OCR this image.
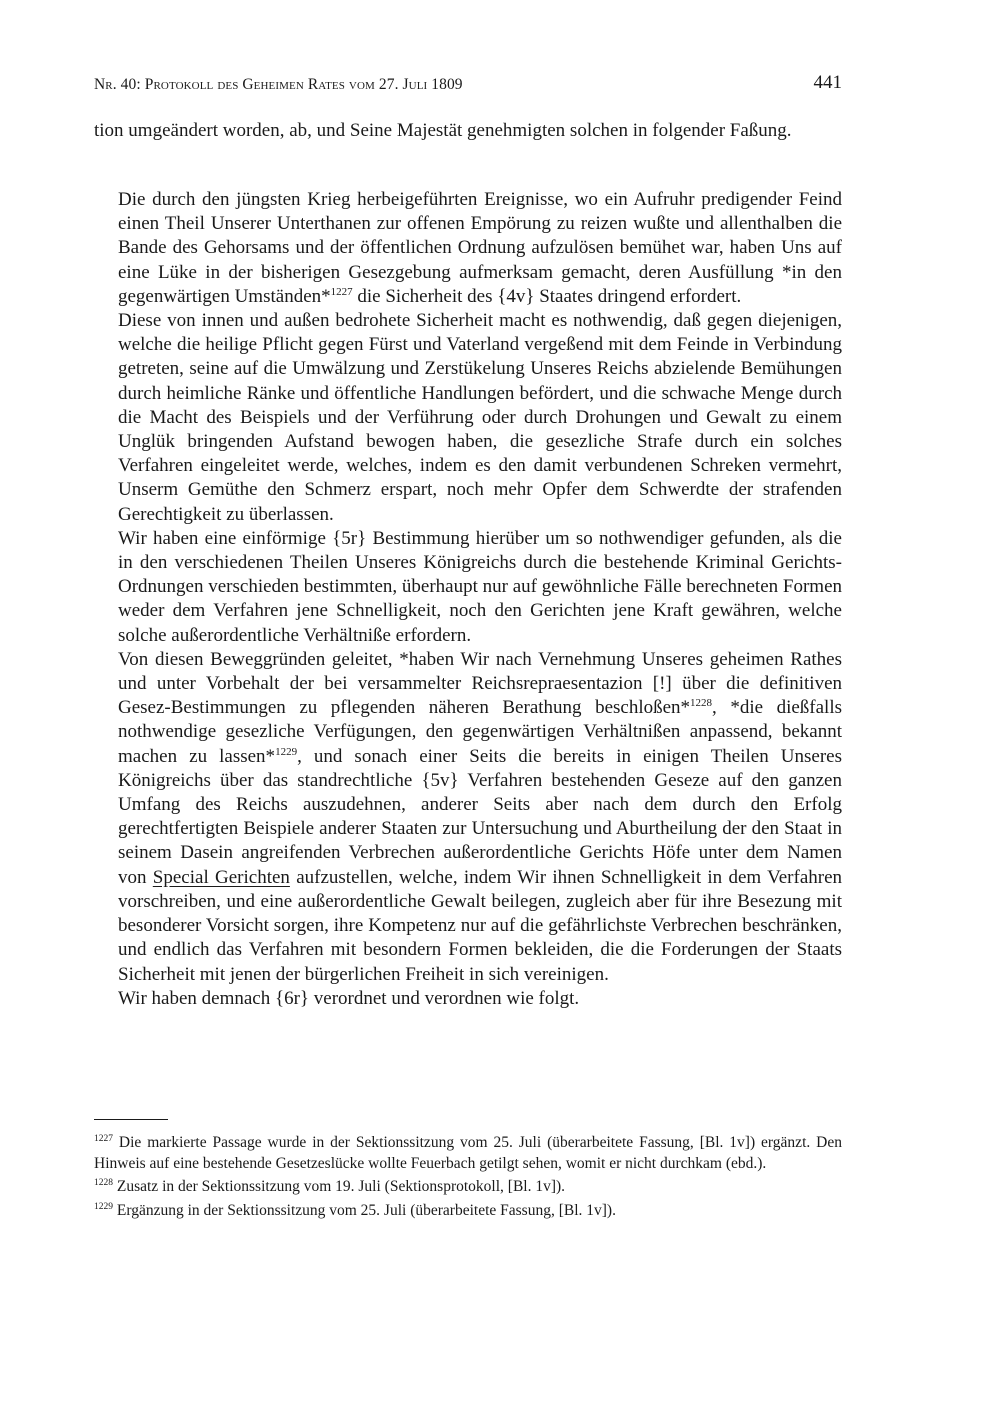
Nr. 40: Protokoll des Geheimen Rates vom 27. Juli 1809	441
tion umgeändert worden, ab, und Seine Majestät genehmigten solchen in folgender Faßung.

Die durch den jüngsten Krieg herbeigeführten Ereignisse, wo ein Aufruhr predigender Feind einen Theil Unserer Unterthanen zur offenen Empörung zu reizen wußte und allenthalben die Bande des Gehorsams und der öffentlichen Ordnung aufzulösen bemühet war, haben Uns auf eine Lüke in der bisherigen Gesezgebung aufmerksam gemacht, deren Ausfüllung *in den gegenwärtigen Umständen*$^{1227}$ die Sicherheit des {4v} Staates dringend erfordert.

Diese von innen und außen bedrohete Sicherheit macht es nothwendig, daß gegen diejenigen, welche die heilige Pflicht gegen Fürst und Vaterland vergeßend mit dem Feinde in Verbindung getreten, seine auf die Umwälzung und Zerstükelung Unseres Reichs abzielende Bemühungen durch heimliche Ränke und öffentliche Handlungen befördert, und die schwache Menge durch die Macht des Beispiels und der Verführung oder durch Drohungen und Gewalt zu einem Unglük bringenden Aufstand bewogen haben, die gesezliche Strafe durch ein solches Verfahren eingeleitet werde, welches, indem es den damit verbundenen Schreken vermehrt, Unserm Gemüthe den Schmerz erspart, noch mehr Opfer dem Schwerdte der strafenden Gerechtigkeit zu überlassen.

Wir haben eine einförmige {5r} Bestimmung hierüber um so nothwendiger gefunden, als die in den verschiedenen Theilen Unseres Königreichs durch die bestehende Kriminal Gerichts-Ordnungen verschieden bestimmten, überhaupt nur auf gewöhnliche Fälle berechneten Formen weder dem Verfahren jene Schnelligkeit, noch den Gerichten jene Kraft gewähren, welche solche außerordentliche Verhältniße erfordern.

Von diesen Beweggründen geleitet, *haben Wir nach Vernehmung Unseres geheimen Rathes und unter Vorbehalt der bei versammelter Reichsrepraesentazion [!] über die definitiven Gesez-Bestimmungen zu pflegenden näheren Berathung beschloßen*$^{1228}$, *die dießfalls nothwendige gesezliche Verfügungen, den gegenwärtigen Verhältnißen anpassend, bekannt machen zu lassen*$^{1229}$, und sonach einer Seits die bereits in einigen Theilen Unseres Königreichs über das standrechtliche {5v} Verfahren bestehenden Geseze auf den ganzen Umfang des Reichs auszudehnen, anderer Seits aber nach dem durch den Erfolg gerechtfertigten Beispiele anderer Staaten zur Untersuchung und Aburtheilung der den Staat in seinem Dasein angreifenden Verbrechen außerordentliche Gerichts Höfe unter dem Namen von Special Gerichten aufzustellen, welche, indem Wir ihnen Schnelligkeit in dem Verfahren vorschreiben, und eine außerordentliche Gewalt beilegen, zugleich aber für ihre Besezung mit besonderer Vorsicht sorgen, ihre Kompetenz nur auf die gefährlichste Verbrechen beschränken, und endlich das Verfahren mit besondern Formen bekleiden, die die Forderungen der Staats Sicherheit mit jenen der bürgerlichen Freiheit in sich vereinigen.

Wir haben demnach {6r} verordnet und verordnen wie folgt.

$^{1227}$ Die markierte Passage wurde in der Sektionssitzung vom 25. Juli (überarbeitete Fassung, [Bl. 1v]) ergänzt. Den Hinweis auf eine bestehende Gesetzeslücke wollte Feuerbach getilgt sehen, womit er nicht durchkam (ebd.).

$^{1228}$ Zusatz in der Sektionssitzung vom 19. Juli (Sektionsprotokoll, [Bl. 1v]).

$^{1229}$ Ergänzung in der Sektionssitzung vom 25. Juli (überarbeitete Fassung, [Bl. 1v]).
